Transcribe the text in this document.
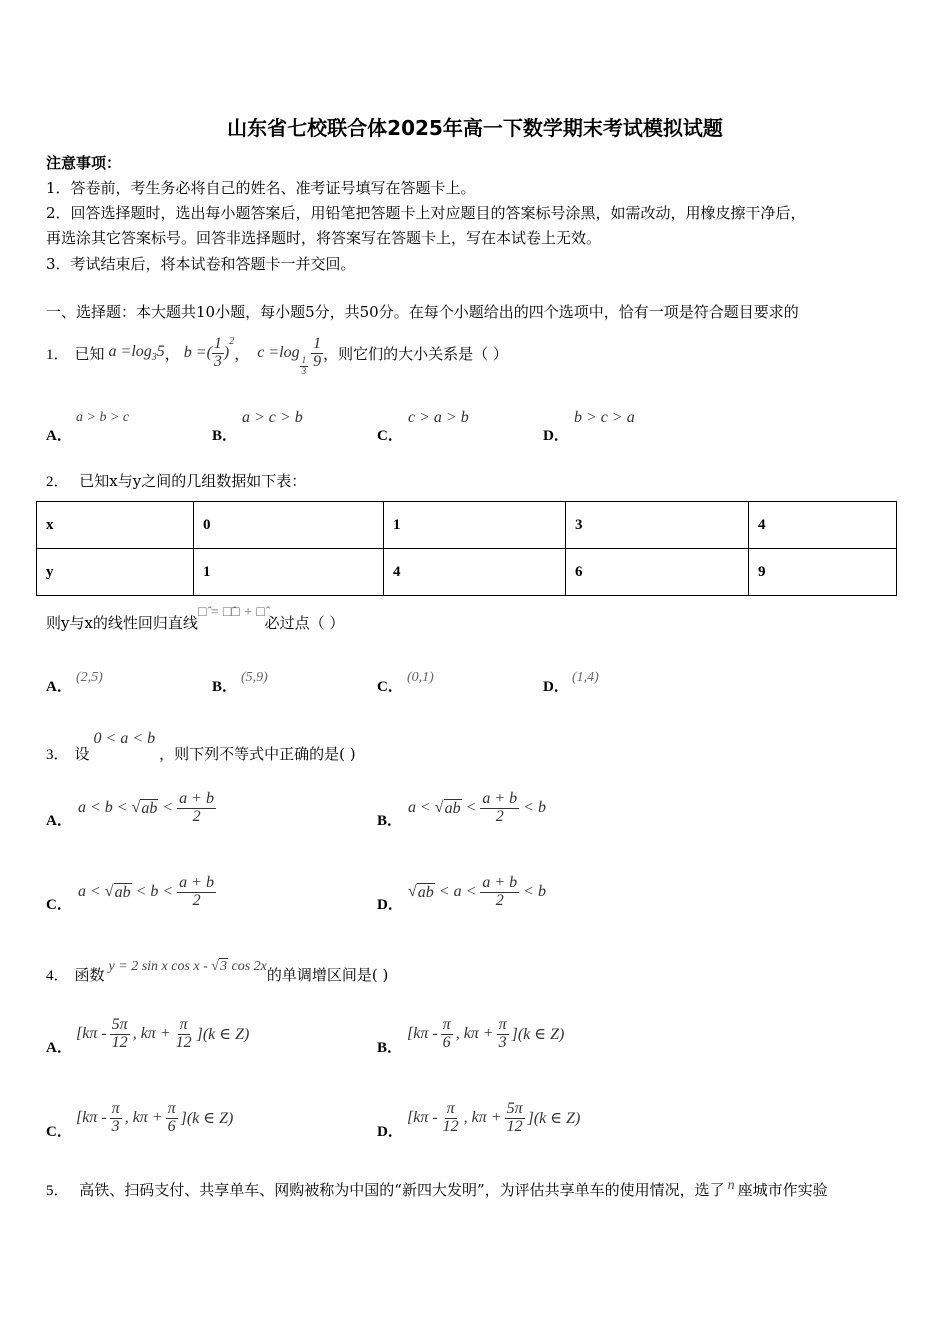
山东省七校联合体2025年高一下数学期末考试模拟试题
注意事项：
1．答卷前，考生务必将自己的姓名、准考证号填写在答题卡上。
2．回答选择题时，选出每小题答案后，用铅笔把答题卡上对应题目的答案标号涂黑，如需改动，用橡皮擦干净后，
再选涂其它答案标号。回答非选择题时，将答案写在答题卡上，写在本试卷上无效。
3．考试结束后，将本试卷和答题卡一并交回。
一、选择题：本大题共10小题，每小题5分，共50分。在每个小题给出的四个选项中，恰有一项是符合题目要求的
1． 已知 $a =\log_35$ ， b =( $\frac{1}{3}$ )
$^2$
， c =log
$\frac{1}{3} \frac{1}{9}$ ，则它们的大小关系是（ ）
A．
a > b > c
B．
a > c > b
C．
c > a > b
D．
b > c > a
2． 已知x与y之间的几组数据如下表：
x	0	1	3	4
y	1	4	6	9
则y与x的线性回归直线□̂ = □̂□ + □̂必过点（ ）
A．
(2,5)
B．
(5,9)
C．
(0,1)
D．
(1,4)
3． 设
0 < a < b
，则下列不等式中正确的是( )
A．
a < b < √ ab < $\frac{a + b}{2}$	B．
a < √ ab < $\frac{a + b}{2} < b$
C．
a < √ ab < $b < \frac{a + b}{2}$	D．
√ ab < $a < \frac{a + b}{2} < b$
4． 函数 y = 2 sin x cos x - √3 cos 2x 的单调增区间是( )
A．
[$k\pi - \frac{5\pi}{12}$ , $k\pi + \frac{\pi}{12} ](k$ ∈ Z)
B．
[$k\pi - \frac{\pi}{6}$ , $k\pi + \frac{\pi}{3} ](k$ ∈ Z)
C．
[$k\pi - \frac{\pi}{3}$ , $k\pi + \frac{\pi}{6} ](k$ ∈ Z)
D．
[$k\pi - \frac{\pi}{12}$ , $k\pi + \frac{5\pi}{12} ](k$ ∈ Z)
5． 高铁、扫码支付、共享单车、网购被称为中国的“新四大发明”，为评估共享单车的使用情况，选了 n 座城市作实验
